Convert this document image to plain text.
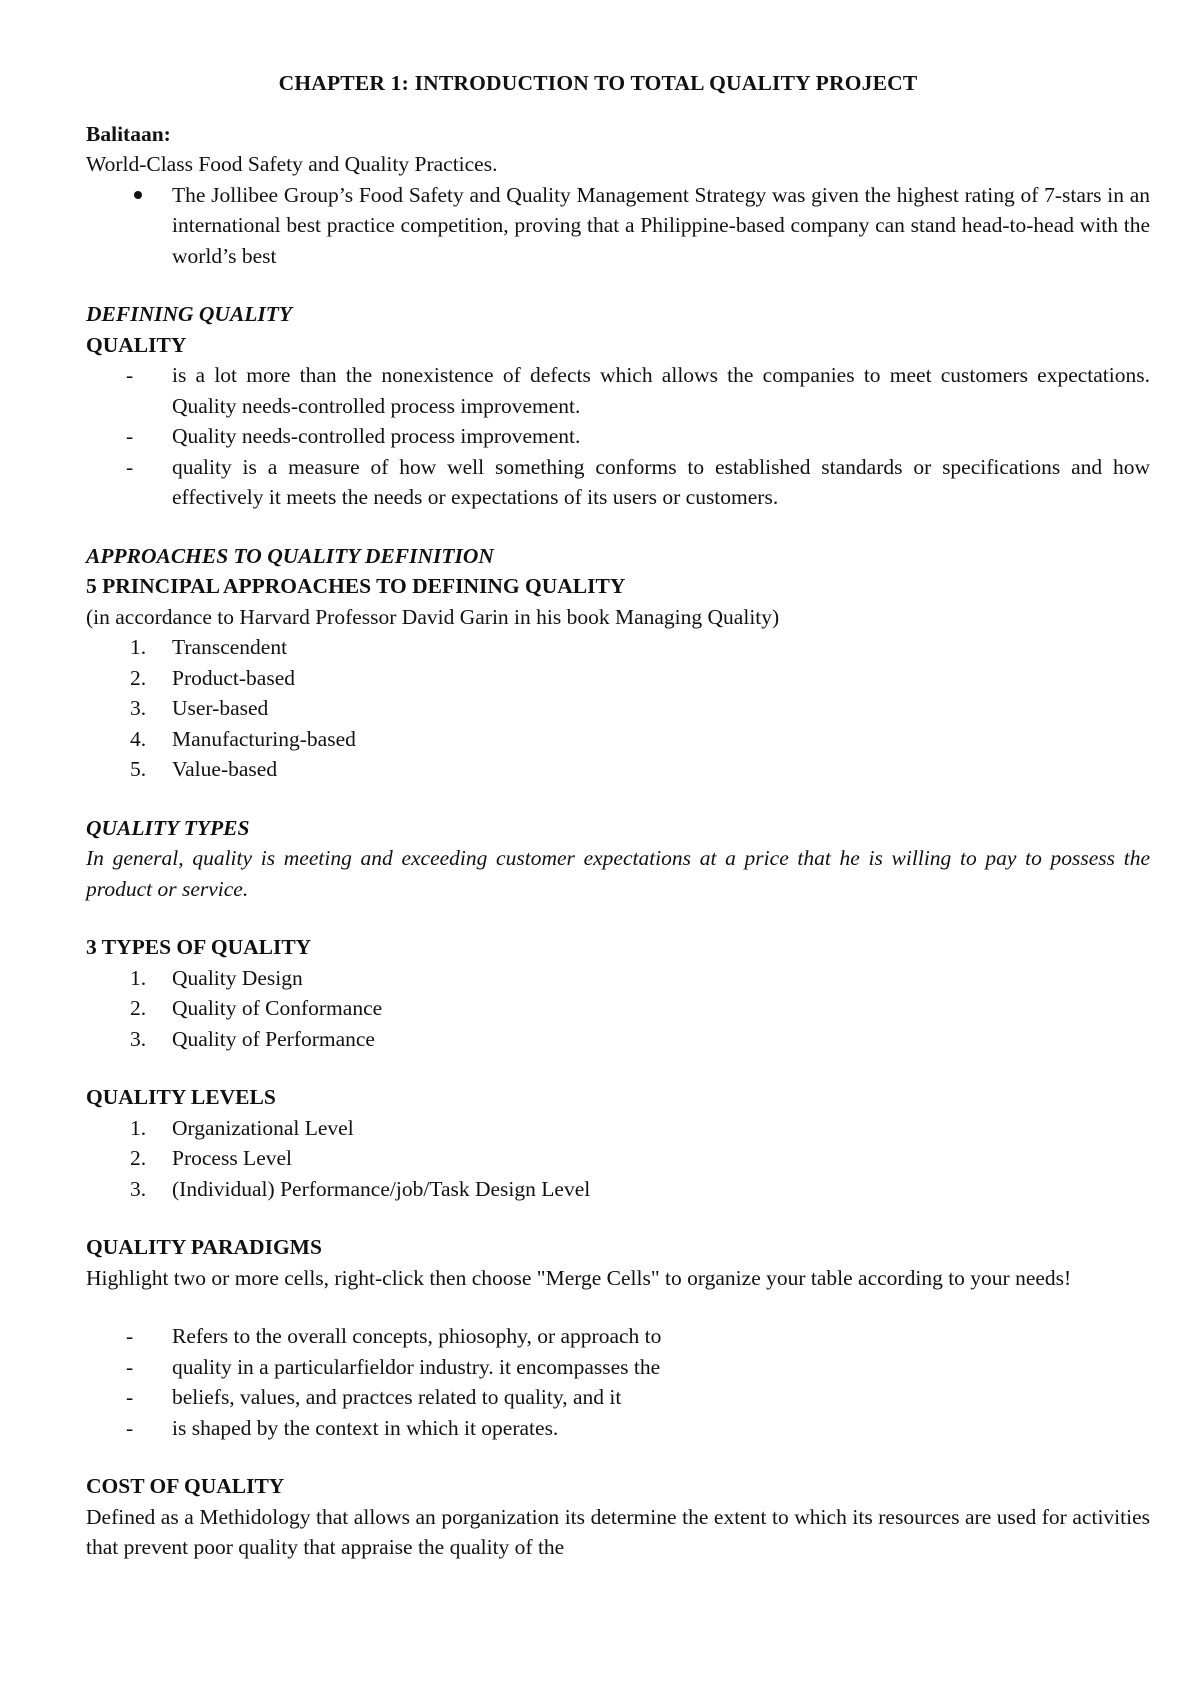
CHAPTER 1: INTRODUCTION TO TOTAL QUALITY PROJECT

Balitaan:

World-Class Food Safety and Quality Practices.

The Jollibee Group’s Food Safety and Quality Management Strategy was given the highest rating of 7-stars in an international best practice competition, proving that a Philippine-based company can stand head-to-head with the world’s best

DEFINING QUALITY

QUALITY

- is a lot more than the nonexistence of defects which allows the companies to meet customers expectations. Quality needs-controlled process improvement.
- Quality needs-controlled process improvement.
- quality is a measure of how well something conforms to established standards or specifications and how effectively it meets the needs or expectations of its users or customers.

APPROACHES TO QUALITY DEFINITION

5 PRINCIPAL APPROACHES TO DEFINING QUALITY

(in accordance to Harvard Professor David Garin in his book Managing Quality)

1. Transcendent
2. Product-based
3. User-based
4. Manufacturing-based
5. Value-based

QUALITY TYPES

In general, quality is meeting and exceeding customer expectations at a price that he is willing to pay to possess the product or service.

3 TYPES OF QUALITY

1. Quality Design
2. Quality of Conformance
3. Quality of Performance

QUALITY LEVELS

1. Organizational Level
2. Process Level
3. (Individual) Performance/job/Task Design Level

QUALITY PARADIGMS

Highlight two or more cells, right-click then choose "Merge Cells" to organize your table according to your needs!

- Refers to the overall concepts, phiosophy, or approach to
- quality in a particularfieldor industry. it encompasses the
- beliefs, values, and practces related to quality, and it
- is shaped by the context in which it operates.

COST OF QUALITY

Defined as a Methidology that allows an porganization its determine the extent to which its resources are used for activities that prevent poor quality that appraise the quality of the
